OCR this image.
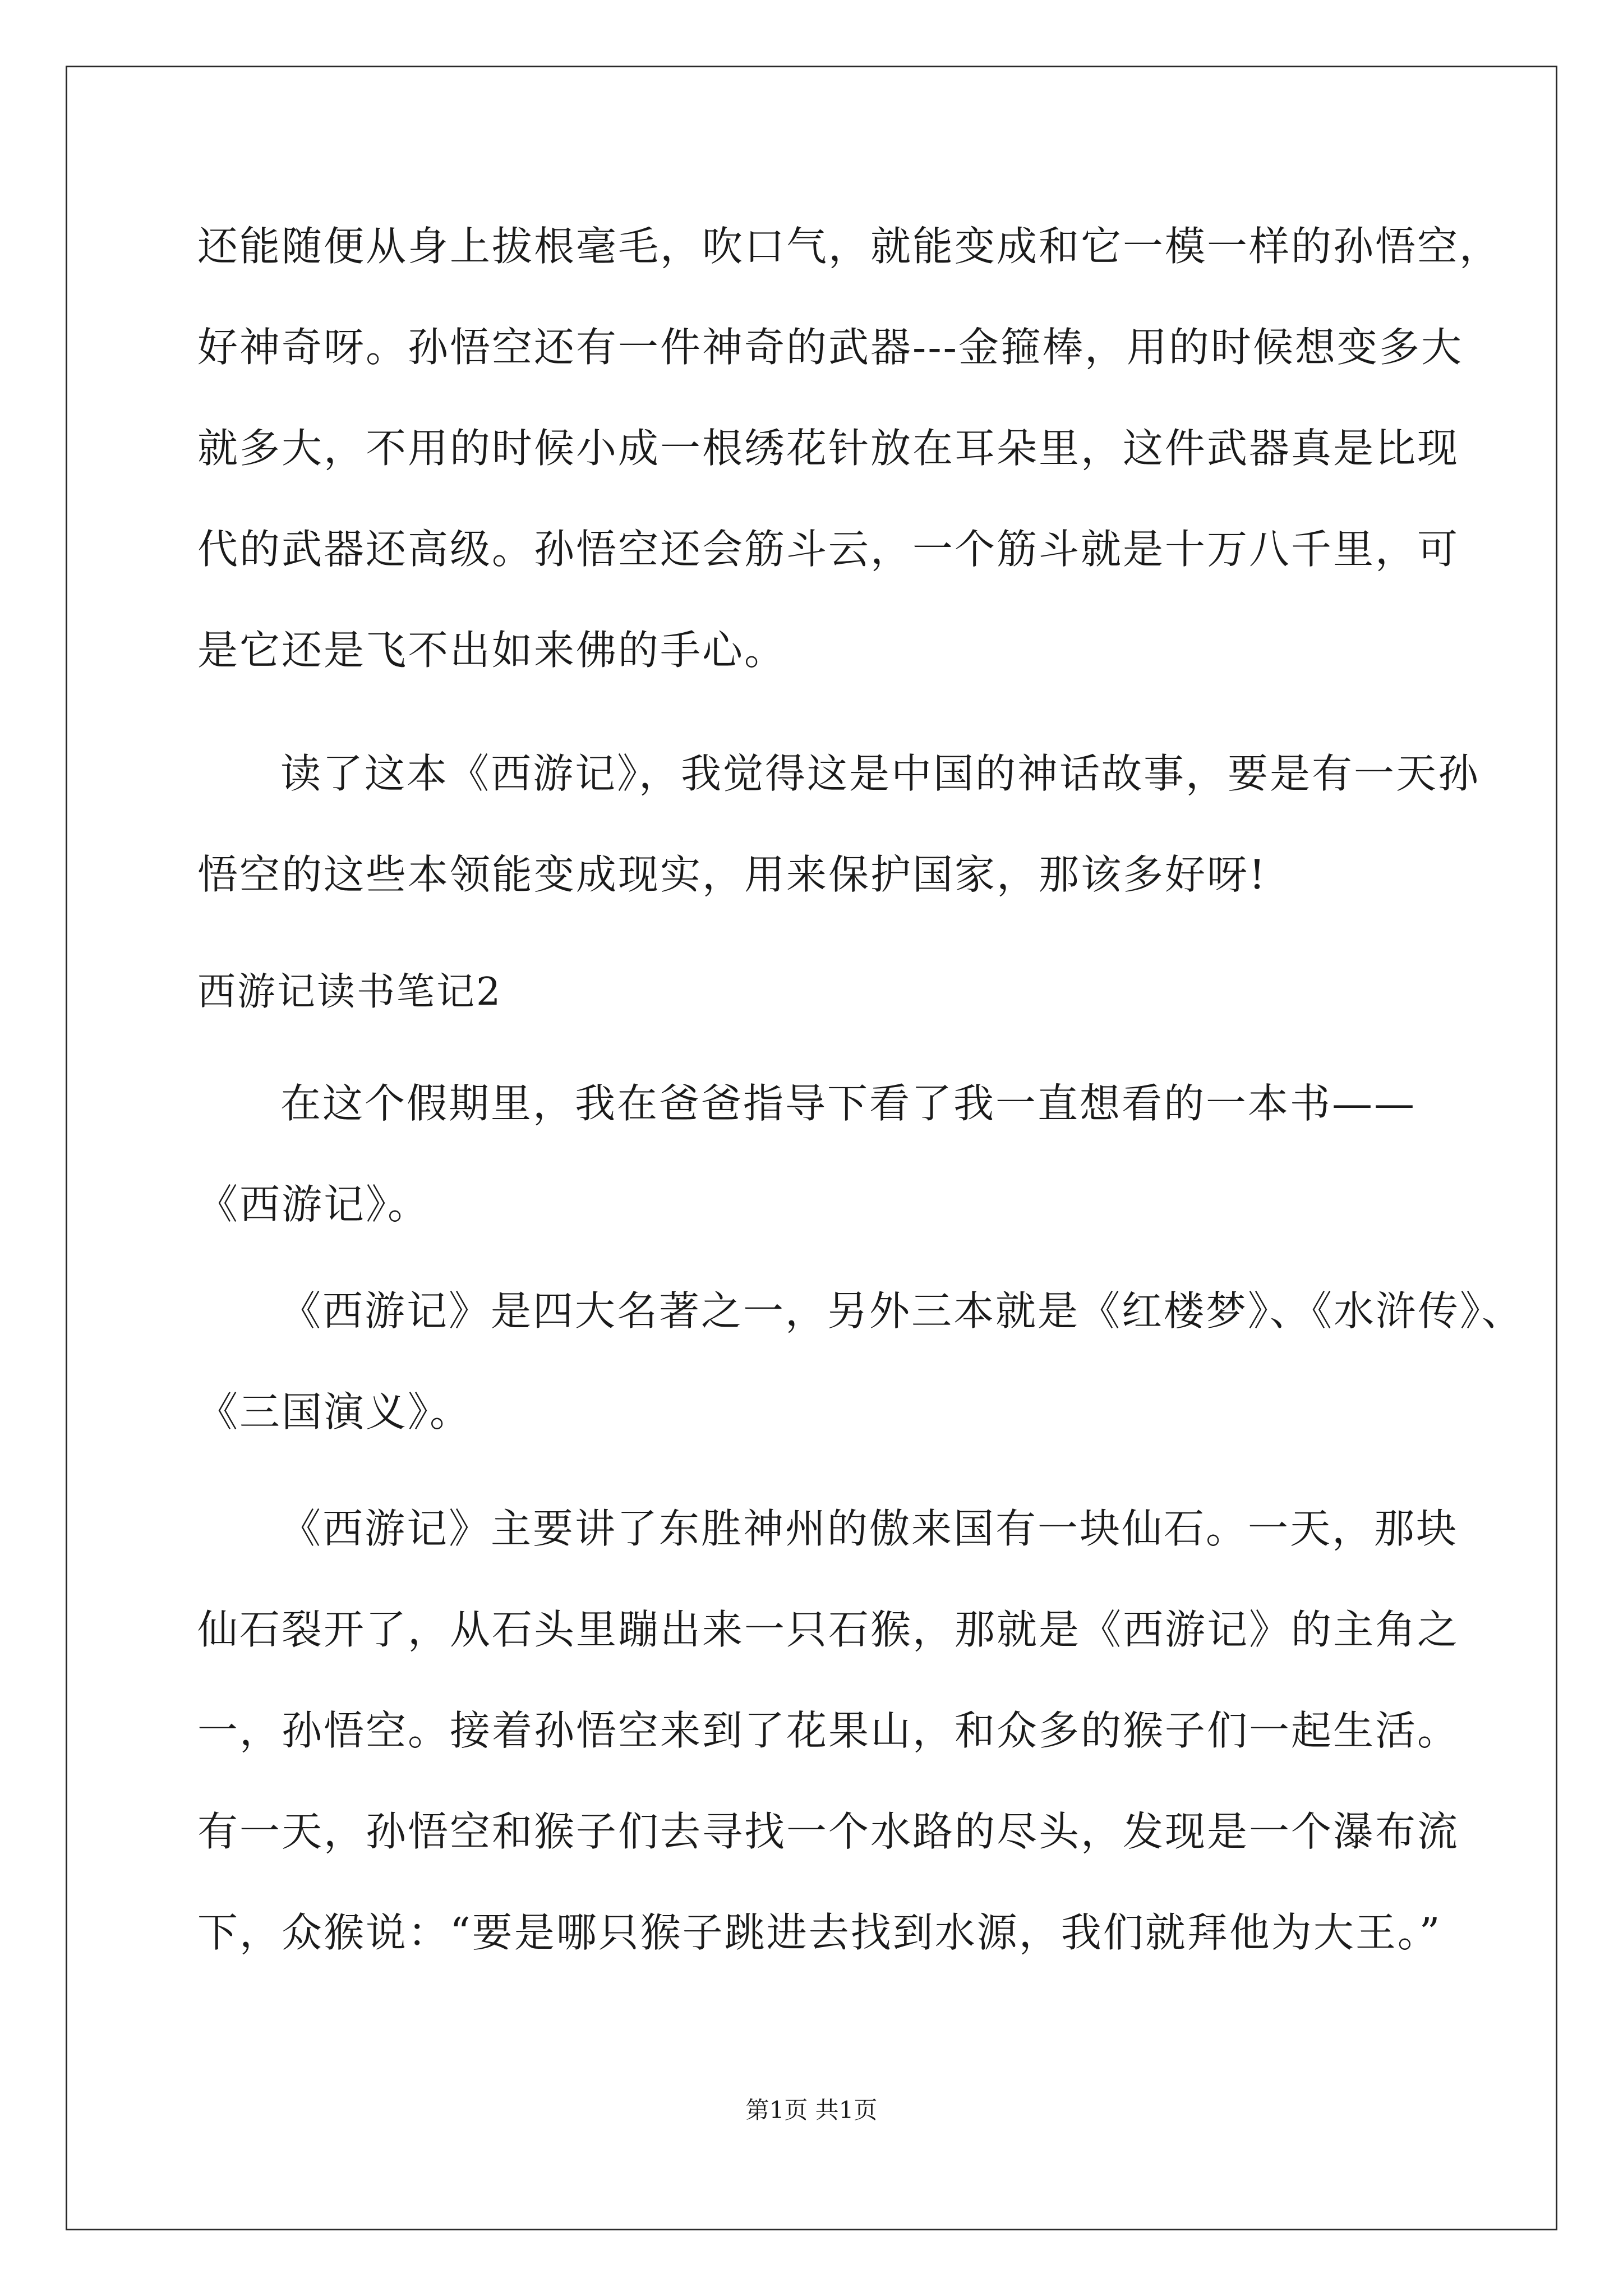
还能随便从身上拔根毫毛，吹口气，就能变成和它一模一样的孙悟空，

好神奇呀。孙悟空还有一件神奇的武器---金箍棒，用的时候想变多大

就多大，不用的时候小成一根绣花针放在耳朵里，这件武器真是比现

代的武器还高级。孙悟空还会筋斗云，一个筋斗就是十万八千里，可

是它还是飞不出如来佛的手心。

读了这本《西游记》，我觉得这是中国的神话故事，要是有一天孙

悟空的这些本领能变成现实，用来保护国家，那该多好呀!

西游记读书笔记2

在这个假期里，我在爸爸指导下看了我一直想看的一本书——

《西游记》。

《西游记》是四大名著之一，另外三本就是《红楼梦》、《水浒传》、

《三国演义》。

《西游记》主要讲了东胜神州的傲来国有一块仙石。一天，那块

仙石裂开了，从石头里蹦出来一只石猴，那就是《西游记》的主角之

一，孙悟空。接着孙悟空来到了花果山，和众多的猴子们一起生活。

有一天，孙悟空和猴子们去寻找一个水路的尽头，发现是一个瀑布流

下，众猴说：“要是哪只猴子跳进去找到水源，我们就拜他为大王。”

第1页 共1页
